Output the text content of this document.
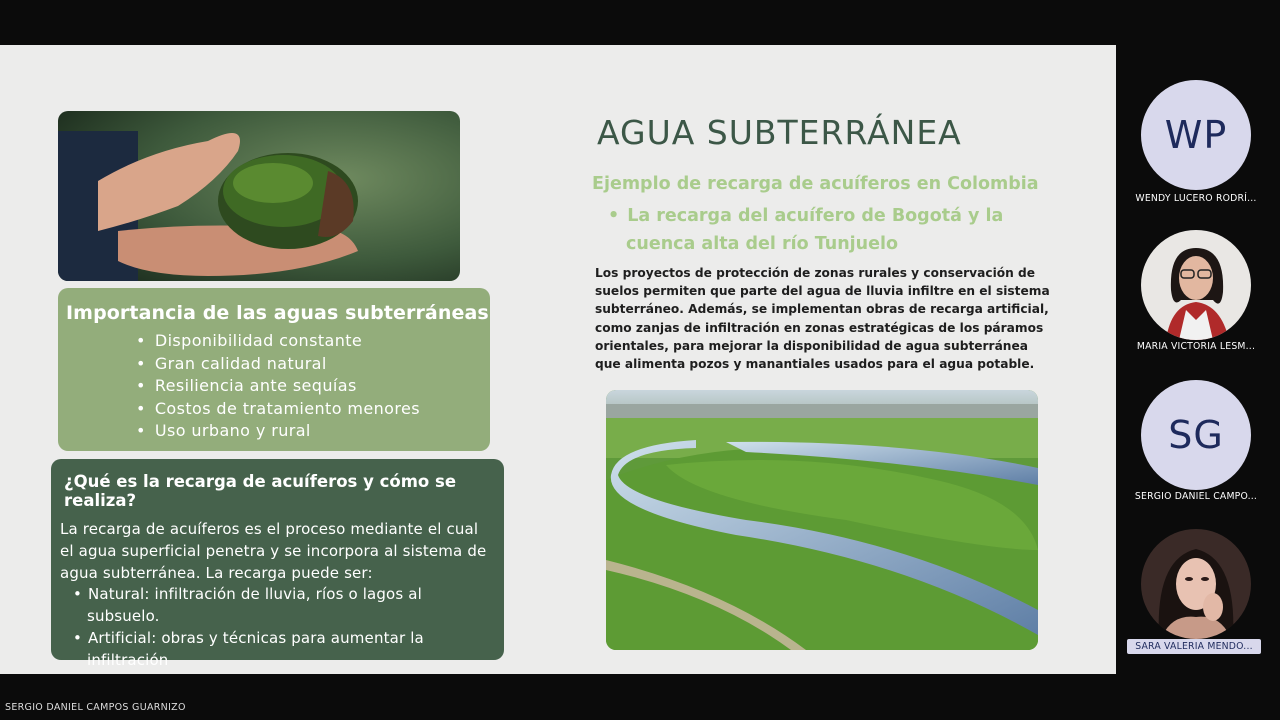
Importancia de las aguas subterráneas
• Disponibilidad constante
• Gran calidad natural
• Resiliencia ante sequías
• Costos de tratamiento menores
• Uso urbano y rural
¿Qué es la recarga de acuíferos y cómo se realiza?

La recarga de acuíferos es el proceso mediante el cual el agua superficial penetra y se incorpora al sistema de agua subterránea. La recarga puede ser:

• Natural: infiltración de lluvia, ríos o lagos al subsuelo.
• Artificial: obras y técnicas para aumentar la infiltración
AGUA SUBTERRÁNEA
Ejemplo de recarga de acuíferos en Colombia
• La recarga del acuífero de Bogotá y la cuenca alta del río Tunjuelo
Los proyectos de protección de zonas rurales y conservación de suelos permiten que parte del agua de lluvia infiltre en el sistema subterráneo. Además, se implementan obras de recarga artificial, como zanjas de infiltración en zonas estratégicas de los páramos orientales, para mejorar la disponibilidad de agua subterránea que alimenta pozos y manantiales usados para el agua potable.
WP
WENDY LUCERO RODRÍ...
MARIA VICTORIA LESM...
SG
SERGIO DANIEL CAMPO...
SARA VALERIA MENDO...
SERGIO DANIEL CAMPOS GUARNIZO
